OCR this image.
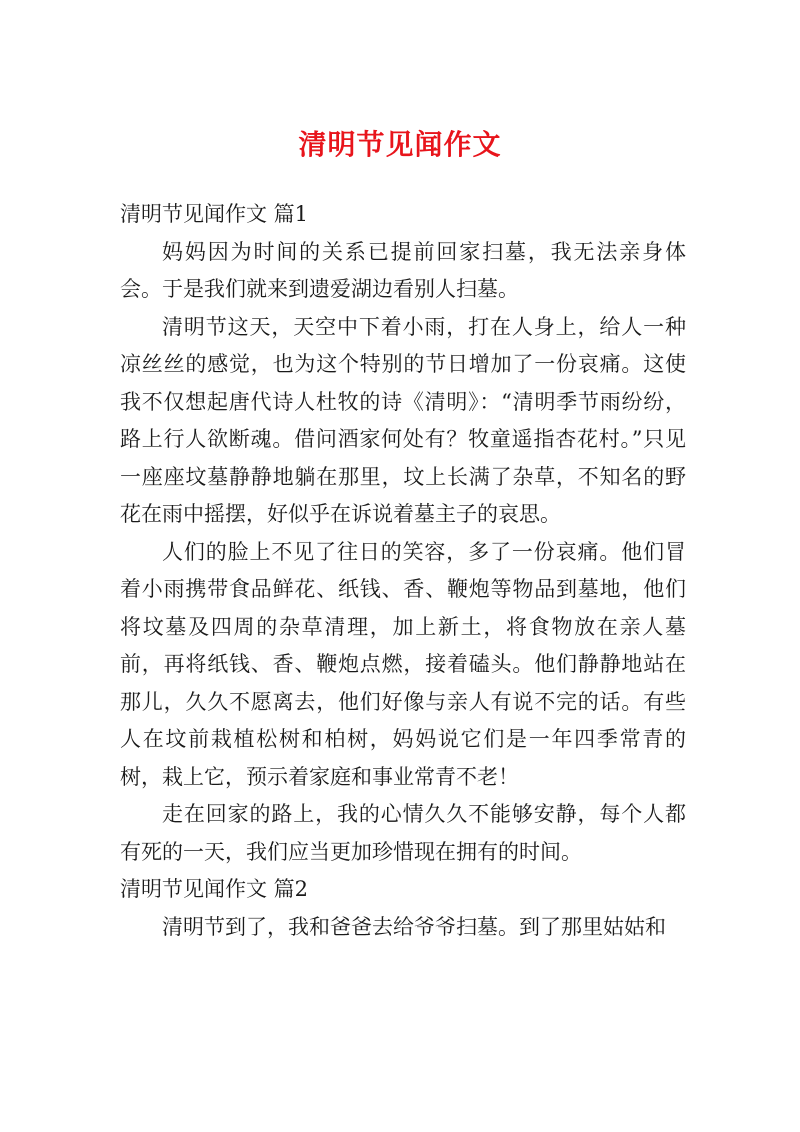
清明节见闻作文
清明节见闻作文 篇1

妈妈因为时间的关系已提前回家扫墓，我无法亲身体会。于是我们就来到遗爱湖边看别人扫墓。

清明节这天，天空中下着小雨，打在人身上，给人一种凉丝丝的感觉，也为这个特别的节日增加了一份哀痛。这使我不仅想起唐代诗人杜牧的诗《清明》：“清明季节雨纷纷，路上行人欲断魂。借问酒家何处有？牧童遥指杏花村。”只见一座座坟墓静静地躺在那里，坟上长满了杂草，不知名的野花在雨中摇摆，好似乎在诉说着墓主子的哀思。

人们的脸上不见了往日的笑容，多了一份哀痛。他们冒着小雨携带食品鲜花、纸钱、香、鞭炮等物品到墓地，他们将坟墓及四周的杂草清理，加上新土，将食物放在亲人墓前，再将纸钱、香、鞭炮点燃，接着磕头。他们静静地站在那儿，久久不愿离去，他们好像与亲人有说不完的话。有些人在坟前栽植松树和柏树，妈妈说它们是一年四季常青的树，栽上它，预示着家庭和事业常青不老！

走在回家的路上，我的心情久久不能够安静，每个人都有死的一天，我们应当更加珍惜现在拥有的时间。

清明节见闻作文 篇2

清明节到了，我和爸爸去给爷爷扫墓。到了那里姑姑和
